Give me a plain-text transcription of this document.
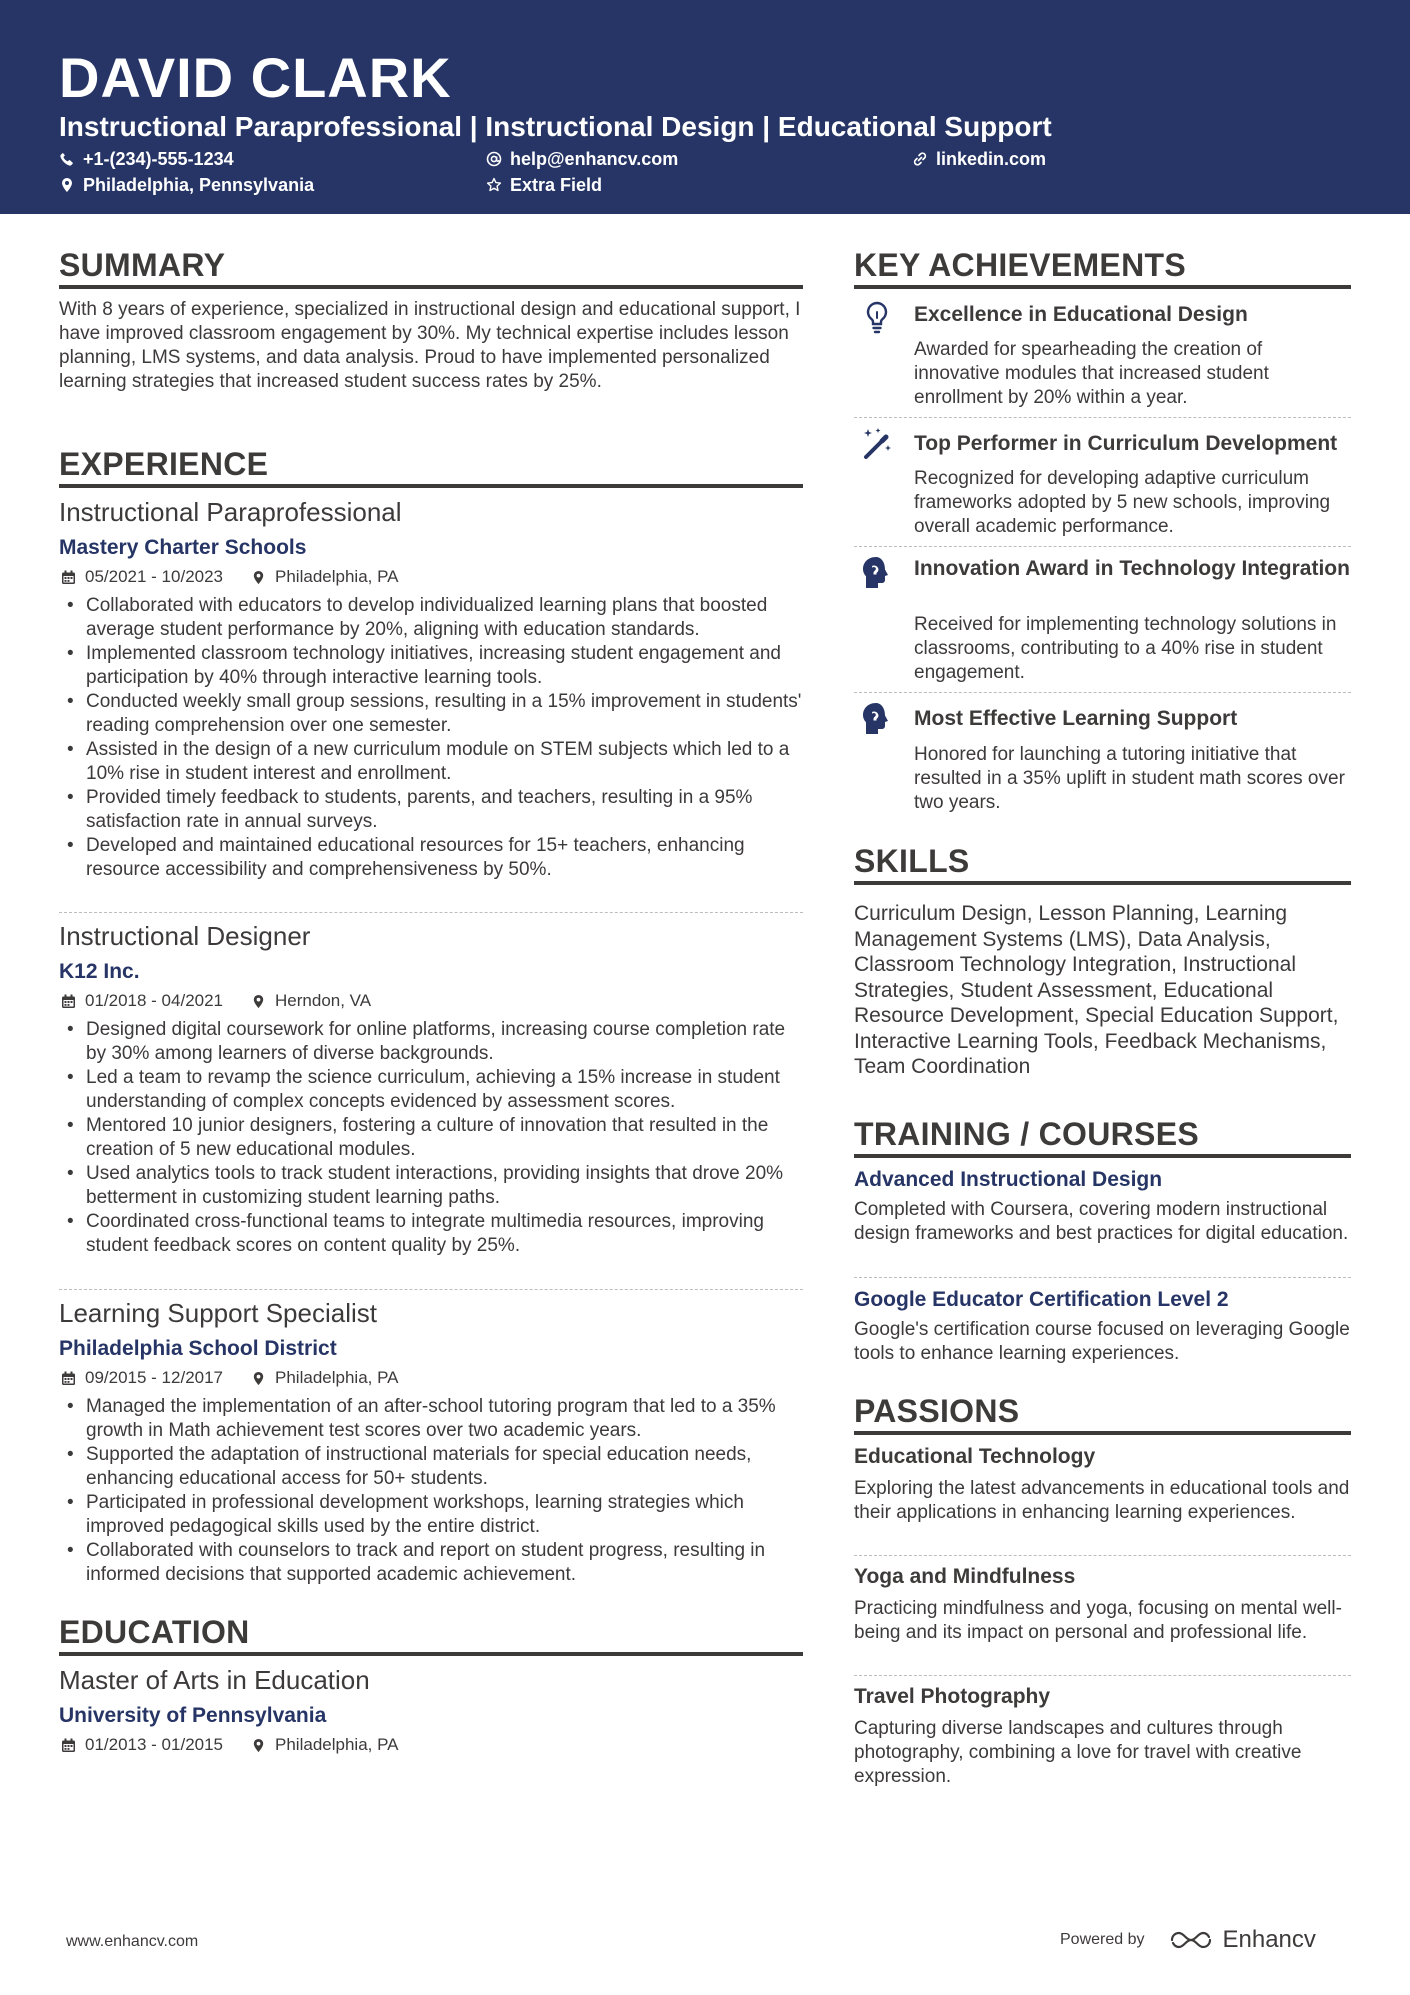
DAVID CLARK
Instructional Paraprofessional | Instructional Design | Educational Support
+1-(234)-555-1234	help@enhancv.com	linkedin.com
Philadelphia, Pennsylvania	Extra Field
SUMMARY
With 8 years of experience, specialized in instructional design and educational support, I have improved classroom engagement by 30%. My technical expertise includes lesson planning, LMS systems, and data analysis. Proud to have implemented personalized learning strategies that increased student success rates by 25%.
EXPERIENCE
Instructional Paraprofessional
Mastery Charter Schools
05/2021 - 10/2023	Philadelphia, PA
• Collaborated with educators to develop individualized learning plans that boosted average student performance by 20%, aligning with education standards.
• Implemented classroom technology initiatives, increasing student engagement and participation by 40% through interactive learning tools.
• Conducted weekly small group sessions, resulting in a 15% improvement in students' reading comprehension over one semester.
• Assisted in the design of a new curriculum module on STEM subjects which led to a 10% rise in student interest and enrollment.
• Provided timely feedback to students, parents, and teachers, resulting in a 95% satisfaction rate in annual surveys.
• Developed and maintained educational resources for 15+ teachers, enhancing resource accessibility and comprehensiveness by 50%.
Instructional Designer
K12 Inc.
01/2018 - 04/2021	Herndon, VA
• Designed digital coursework for online platforms, increasing course completion rate by 30% among learners of diverse backgrounds.
• Led a team to revamp the science curriculum, achieving a 15% increase in student understanding of complex concepts evidenced by assessment scores.
• Mentored 10 junior designers, fostering a culture of innovation that resulted in the creation of 5 new educational modules.
• Used analytics tools to track student interactions, providing insights that drove 20% betterment in customizing student learning paths.
• Coordinated cross-functional teams to integrate multimedia resources, improving student feedback scores on content quality by 25%.
Learning Support Specialist
Philadelphia School District
09/2015 - 12/2017	Philadelphia, PA
• Managed the implementation of an after-school tutoring program that led to a 35% growth in Math achievement test scores over two academic years.
• Supported the adaptation of instructional materials for special education needs, enhancing educational access for 50+ students.
• Participated in professional development workshops, learning strategies which improved pedagogical skills used by the entire district.
• Collaborated with counselors to track and report on student progress, resulting in informed decisions that supported academic achievement.
EDUCATION
Master of Arts in Education
University of Pennsylvania
01/2013 - 01/2015	Philadelphia, PA
KEY ACHIEVEMENTS
Excellence in Educational Design
Awarded for spearheading the creation of innovative modules that increased student enrollment by 20% within a year.
Top Performer in Curriculum Development
Recognized for developing adaptive curriculum frameworks adopted by 5 new schools, improving overall academic performance.
Innovation Award in Technology Integration
Received for implementing technology solutions in classrooms, contributing to a 40% rise in student engagement.
Most Effective Learning Support
Honored for launching a tutoring initiative that resulted in a 35% uplift in student math scores over two years.
SKILLS
Curriculum Design, Lesson Planning, Learning Management Systems (LMS), Data Analysis, Classroom Technology Integration, Instructional Strategies, Student Assessment, Educational Resource Development, Special Education Support, Interactive Learning Tools, Feedback Mechanisms, Team Coordination
TRAINING / COURSES
Advanced Instructional Design
Completed with Coursera, covering modern instructional design frameworks and best practices for digital education.
Google Educator Certification Level 2
Google's certification course focused on leveraging Google tools to enhance learning experiences.
PASSIONS
Educational Technology
Exploring the latest advancements in educational tools and their applications in enhancing learning experiences.
Yoga and Mindfulness
Practicing mindfulness and yoga, focusing on mental well-being and its impact on personal and professional life.
Travel Photography
Capturing diverse landscapes and cultures through photography, combining a love for travel with creative expression.
www.enhancv.com	Powered by	Enhancv
